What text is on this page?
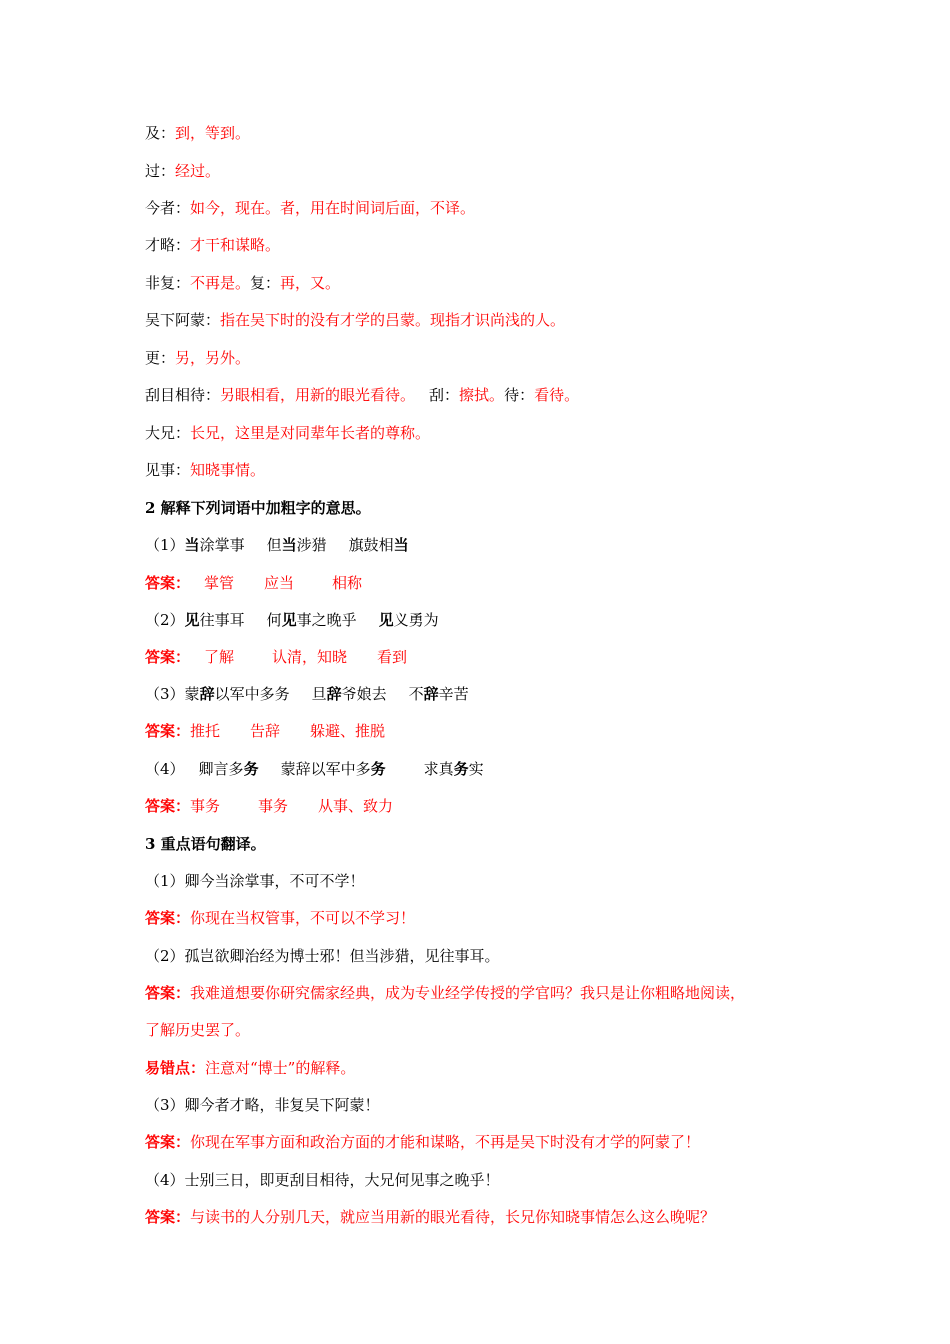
及：到，等到。
过：经过。
今者：如今，现在。者，用在时间词后面，不译。
才略：才干和谋略。
非复：不再是。复：再，又。
吴下阿蒙：指在吴下时的没有才学的吕蒙。现指才识尚浅的人。
更：另，另外。
刮目相待：另眼相看，用新的眼光看待。 刮：擦拭。待：看待。
大兄：长兄，这里是对同辈年长者的尊称。
见事：知晓事情。
2 解释下列词语中加粗字的意思。
（1）当涂掌事 但当涉猎 旗鼓相当
答案： 掌管 应当	相称
（2）见往事耳 何见事之晚乎 见义勇为
答案： 了解	认清，知晓 看到
（3）蒙辞以军中多务 旦辞爷娘去 不辞辛苦
答案：推托 告辞 躲避、推脱
（4） 卿言多务 蒙辞以军中多务	求真务实
答案：事务	事务 从事、致力
3 重点语句翻译。
（1）卿今当涂掌事，不可不学！
答案：你现在当权管事，不可以不学习！
（2）孤岂欲卿治经为博士邪！但当涉猎，见往事耳。
答案：我难道想要你研究儒家经典，成为专业经学传授的学官吗？我只是让你粗略地阅读，
了解历史罢了。
易错点：注意对“博士”的解释。
（3）卿今者才略，非复吴下阿蒙！
答案：你现在军事方面和政治方面的才能和谋略，不再是吴下时没有才学的阿蒙了！
（4）士别三日，即更刮目相待，大兄何见事之晚乎！
答案：与读书的人分别几天，就应当用新的眼光看待，长兄你知晓事情怎么这么晚呢？
